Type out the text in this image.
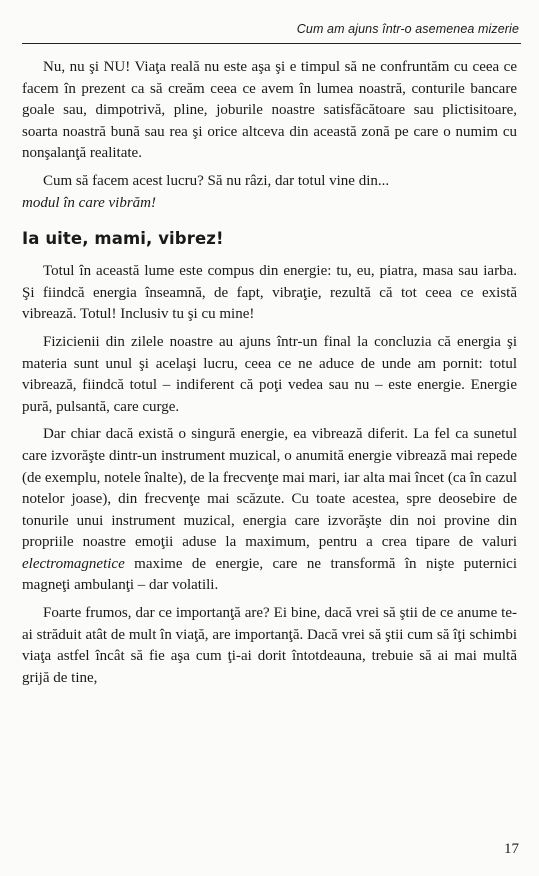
Cum am ajuns într-o asemenea mizerie

Nu, nu şi NU! Viaţa reală nu este aşa şi e timpul să ne confruntăm cu ceea ce facem în prezent ca să creăm ceea ce avem în lumea noastră, conturile bancare goale sau, dimpotrivă, pline, joburile noastre satisfăcătoare sau plictisitoare, soarta noastră bună sau rea şi orice altceva din această zonă pe care o numim cu nonşalanţă realitate.

Cum să facem acest lucru? Să nu râzi, dar totul vine din...
modul în care vibrăm!

Ia uite, mami, vibrez!

Totul în această lume este compus din energie: tu, eu, piatra, masa sau iarba. Şi fiindcă energia înseamnă, de fapt, vibraţie, rezultă că tot ceea ce există vibrează. Totul! Inclusiv tu şi cu mine!

Fizicienii din zilele noastre au ajuns într-un final la concluzia că energia şi materia sunt unul şi acelaşi lucru, ceea ce ne aduce de unde am pornit: totul vibrează, fiindcă totul – indiferent că poţi vedea sau nu – este energie. Energie pură, pulsantă, care curge.

Dar chiar dacă există o singură energie, ea vibrează diferit. La fel ca sunetul care izvorăşte dintr-un instrument muzical, o anumită energie vibrează mai repede (de exemplu, notele înalte), de la frecvenţe mai mari, iar alta mai încet (ca în cazul notelor joase), din frecvenţe mai scăzute. Cu toate acestea, spre deosebire de tonurile unui instrument muzical, energia care izvorăşte din noi provine din propriile noastre emoţii aduse la maximum, pentru a crea tipare de valuri electromagnetice maxime de energie, care ne transformă în nişte puternici magneţi ambulanţi – dar volatili.

Foarte frumos, dar ce importanţă are? Ei bine, dacă vrei să ştii de ce anume te-ai străduit atât de mult în viaţă, are importanţă. Dacă vrei să ştii cum să îţi schimbi viaţa astfel încât să fie aşa cum ţi-ai dorit întotdeauna, trebuie să ai mai multă grijă de tine,

17
